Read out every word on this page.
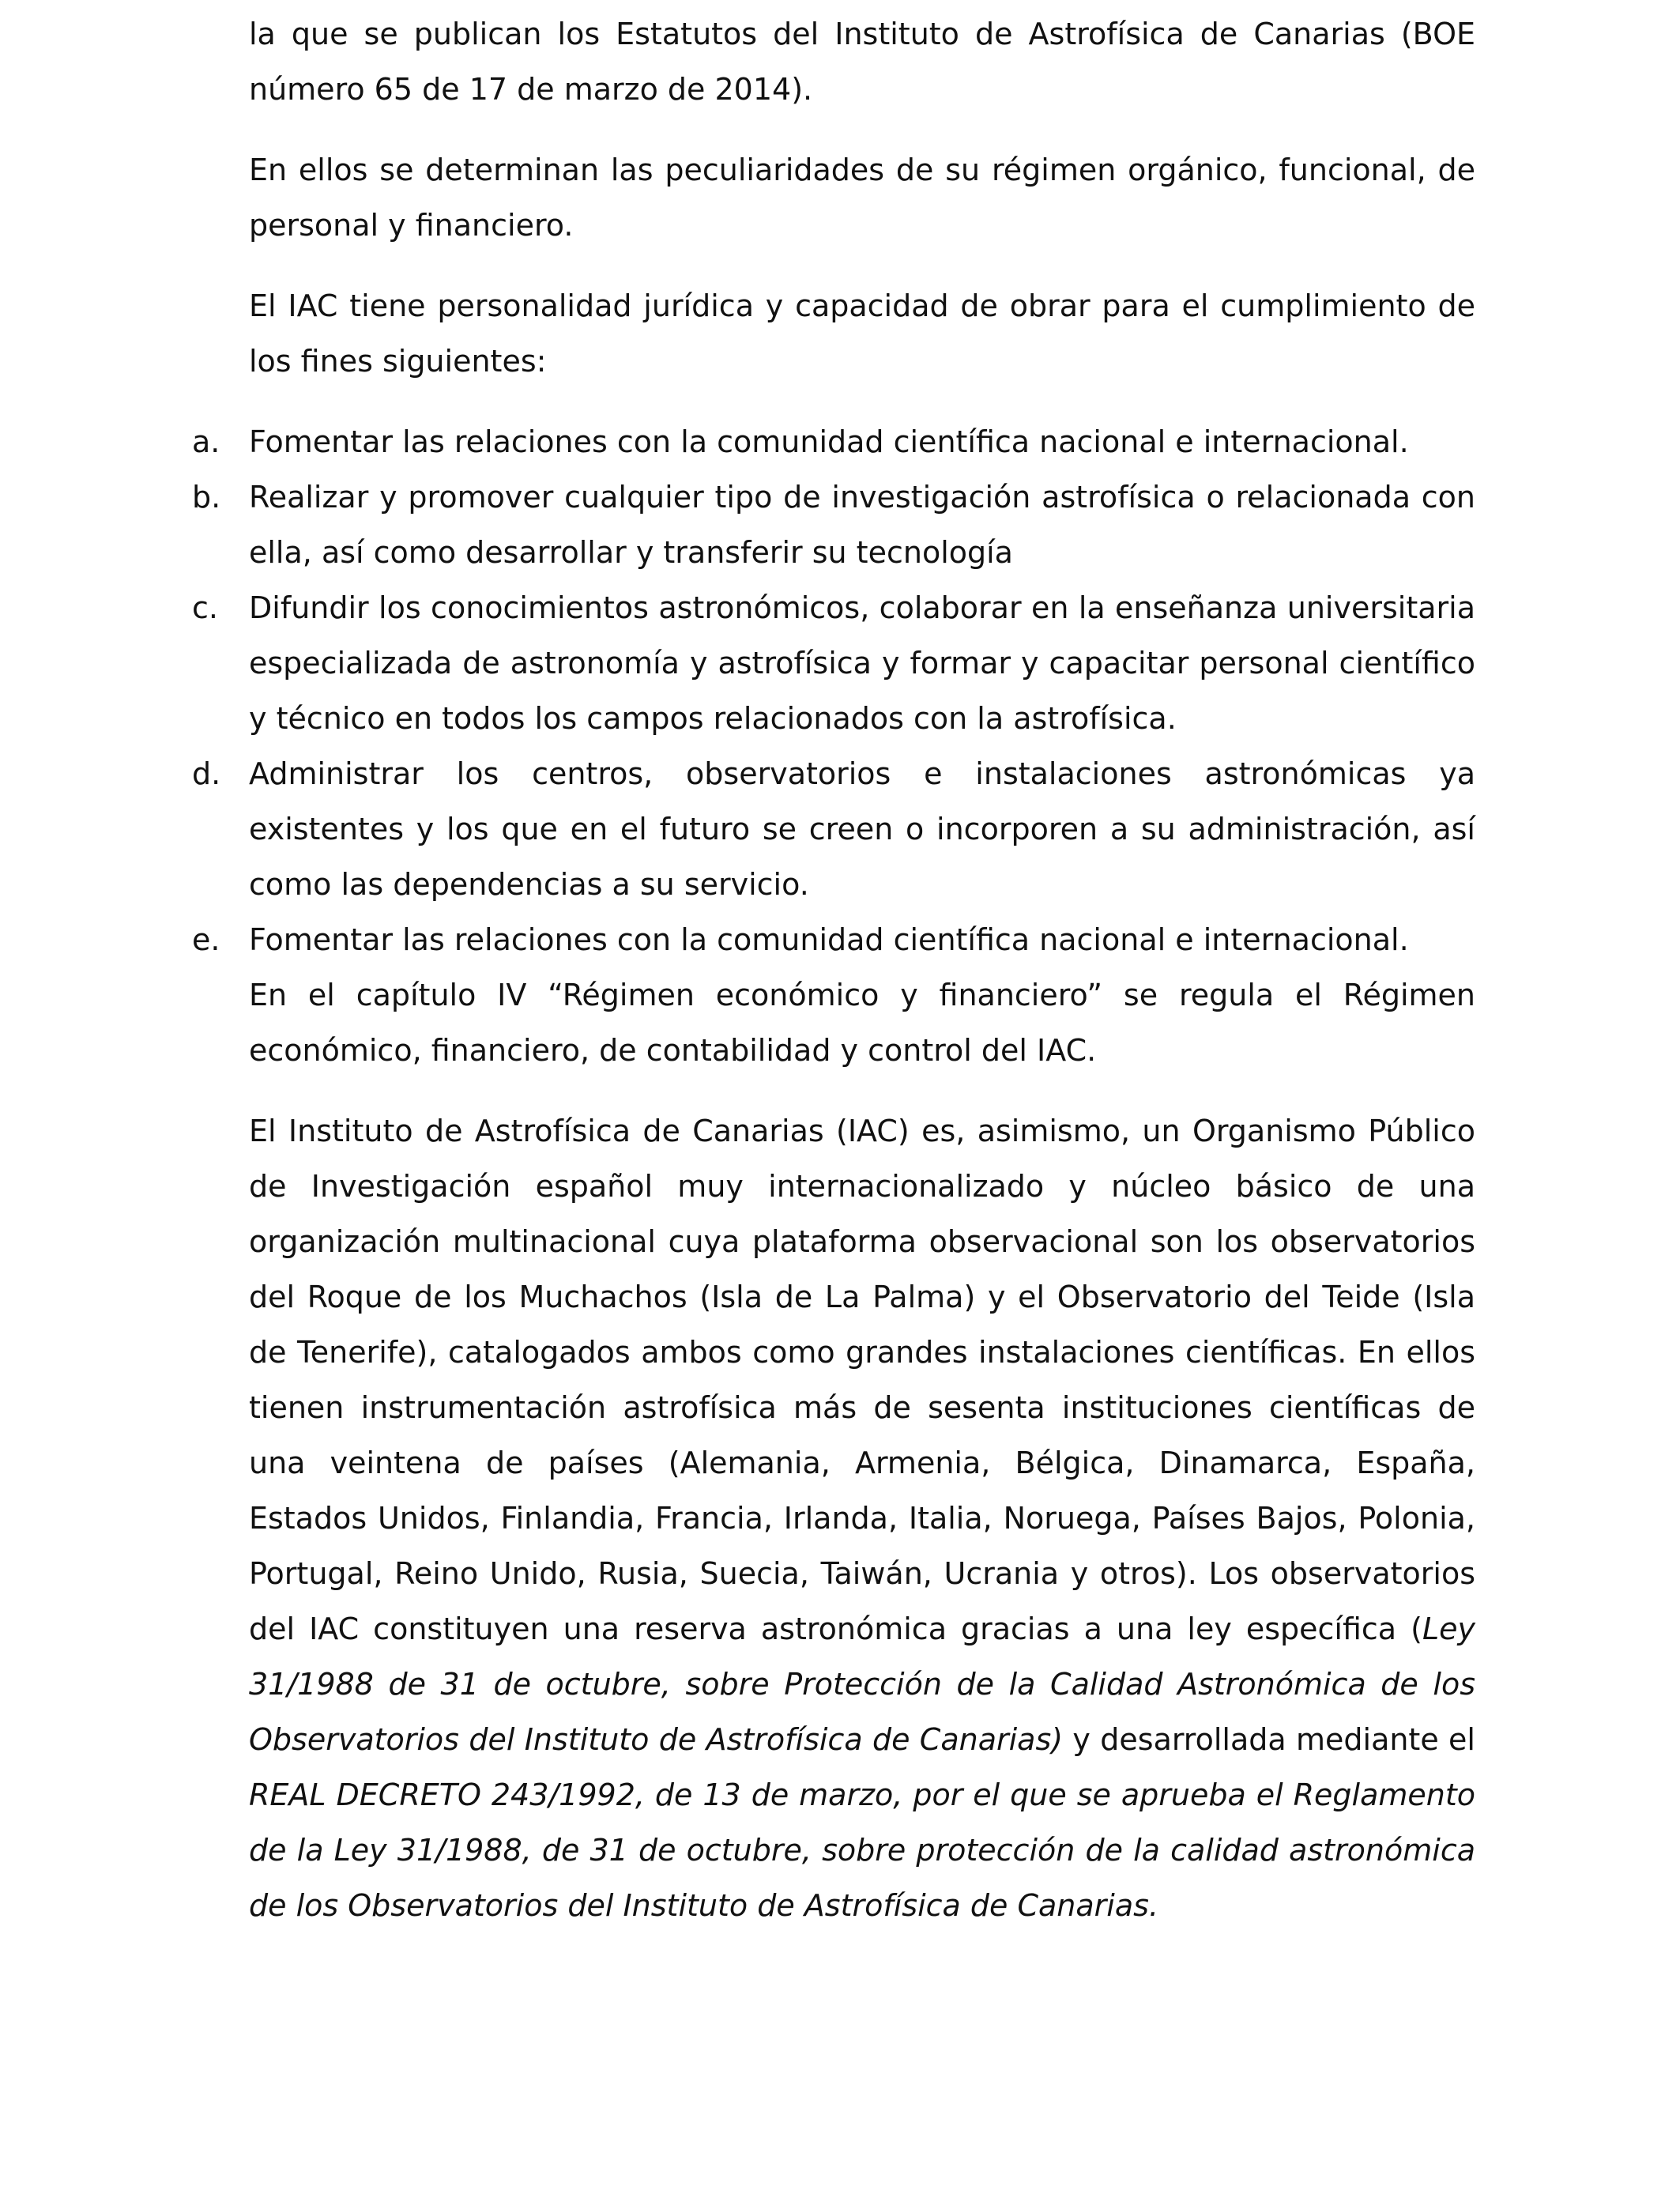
la que se publican los Estatutos del Instituto de Astrofísica de Canarias (BOE número 65 de 17 de marzo de 2014).

En ellos se determinan las peculiaridades de su régimen orgánico, funcional, de personal y financiero.

El IAC tiene personalidad jurídica y capacidad de obrar para el cumplimiento de los fines siguientes:

a. Fomentar las relaciones con la comunidad científica nacional e internacional.
b. Realizar y promover cualquier tipo de investigación astrofísica o relacionada con ella, así como desarrollar y transferir su tecnología
c. Difundir los conocimientos astronómicos, colaborar en la enseñanza universitaria especializada de astronomía y astrofísica y formar y capacitar personal científico y técnico en todos los campos relacionados con la astrofísica.
d. Administrar los centros, observatorios e instalaciones astronómicas ya existentes y los que en el futuro se creen o incorporen a su administración, así como las dependencias a su servicio.
e. Fomentar las relaciones con la comunidad científica nacional e internacional.

En el capítulo IV “Régimen económico y financiero” se regula el Régimen económico, financiero, de contabilidad y control del IAC.

El Instituto de Astrofísica de Canarias (IAC) es, asimismo, un Organismo Público de Investigación español muy internacionalizado y núcleo básico de una organización multinacional cuya plataforma observacional son los observatorios del Roque de los Muchachos (Isla de La Palma) y el Observatorio del Teide (Isla de Tenerife), catalogados ambos como grandes instalaciones científicas. En ellos tienen instrumentación astrofísica más de sesenta instituciones científicas de una veintena de países (Alemania, Armenia, Bélgica, Dinamarca, España, Estados Unidos, Finlandia, Francia, Irlanda, Italia, Noruega, Países Bajos, Polonia, Portugal, Reino Unido, Rusia, Suecia, Taiwán, Ucrania y otros). Los observatorios del IAC constituyen una reserva astronómica gracias a una ley específica (Ley 31/1988 de 31 de octubre, sobre Protección de la Calidad Astronómica de los Observatorios del Instituto de Astrofísica de Canarias) y desarrollada mediante el REAL DECRETO 243/1992, de 13 de marzo, por el que se aprueba el Reglamento de la Ley 31/1988, de 31 de octubre, sobre protección de la calidad astronómica de los Observatorios del Instituto de Astrofísica de Canarias.
